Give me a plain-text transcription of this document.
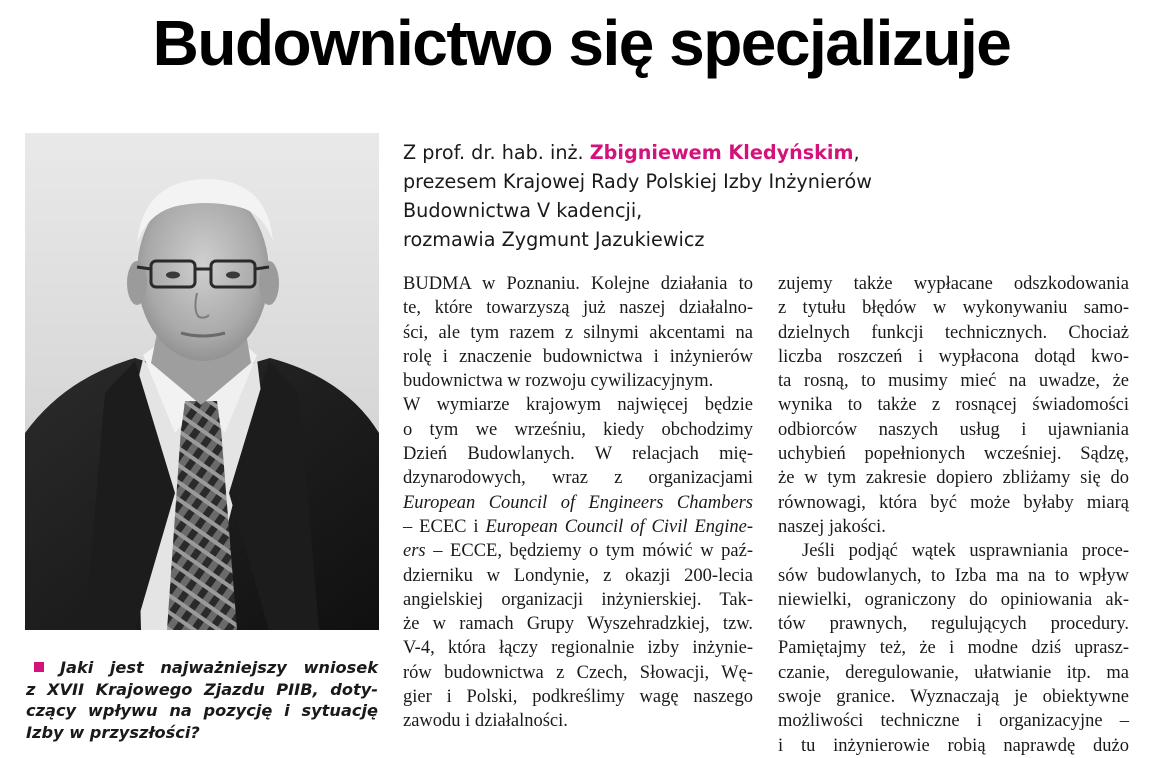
Budownictwo się specjalizuje
Jaki jest najważniejszy wniosek
z XVII Krajowego Zjazdu PIIB, doty-
czący wpływu na pozycję i sytuację
Izby w przyszłości?
Z prof. dr. hab. inż. Zbigniewem Kledyńskim,
prezesem Krajowej Rady Polskiej Izby Inżynierów
Budownictwa V kadencji,
rozmawia Zygmunt Jazukiewicz
BUDMA w Poznaniu. Kolejne działania to
te, które towarzyszą już naszej działalno-
ści, ale tym razem z silnymi akcentami na
rolę i znaczenie budownictwa i inżynierów
budownictwa w rozwoju cywilizacyjnym.
W wymiarze krajowym najwięcej będzie
o tym we wrześniu, kiedy obchodzimy
Dzień Budowlanych. W relacjach mię-
dzynarodowych, wraz z organizacjami
European Council of Engineers Chambers
– ECEC i European Council of Civil Engine-
ers – ECCE, będziemy o tym mówić w paź-
dzierniku w Londynie, z okazji 200-lecia
angielskiej organizacji inżynierskiej. Tak-
że w ramach Grupy Wyszehradzkiej, tzw.
V-4, która łączy regionalnie izby inżynie-
rów budownictwa z Czech, Słowacji, Wę-
gier i Polski, podkreślimy wagę naszego
zawodu i działalności.
zujemy także wypłacane odszkodowania
z tytułu błędów w wykonywaniu samo-
dzielnych funkcji technicznych. Chociaż
liczba roszczeń i wypłacona dotąd kwo-
ta rosną, to musimy mieć na uwadze, że
wynika to także z rosnącej świadomości
odbiorców naszych usług i ujawniania
uchybień popełnionych wcześniej. Sądzę,
że w tym zakresie dopiero zbliżamy się do
równowagi, która być może byłaby miarą
naszej jakości.
Jeśli podjąć wątek usprawniania proce-
sów budowlanych, to Izba ma na to wpływ
niewielki, ograniczony do opiniowania ak-
tów prawnych, regulujących procedury.
Pamiętajmy też, że i modne dziś uprasz-
czanie, deregulowanie, ułatwianie itp. ma
swoje granice. Wyznaczają je obiektywne
możliwości techniczne i organizacyjne –
i tu inżynierowie robią naprawdę dużo
